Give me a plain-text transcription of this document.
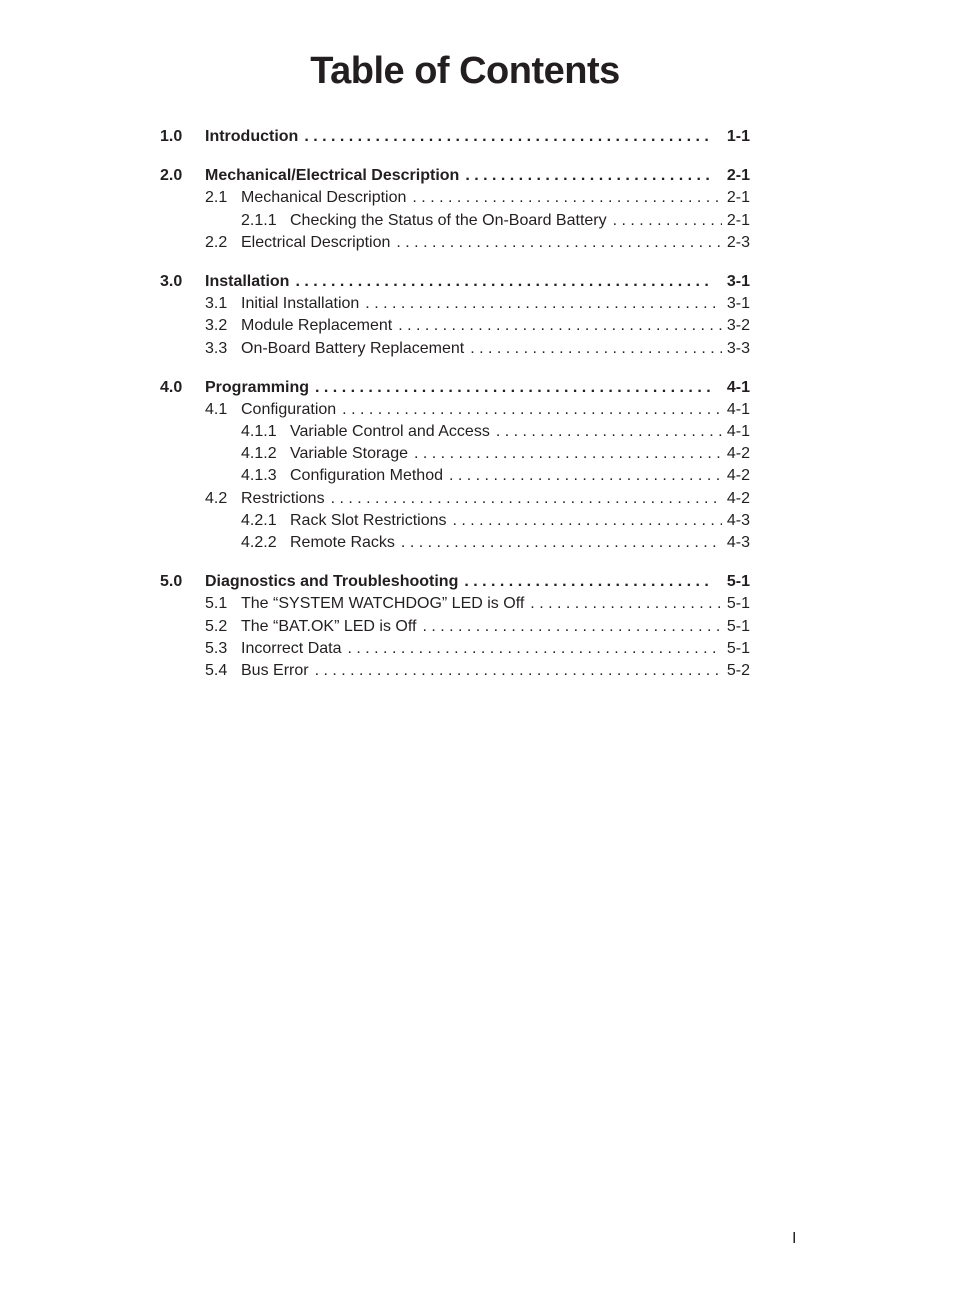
Table of Contents
1.0	Introduction . . .	1-1
2.0	Mechanical/Electrical Description . . .	2-1
2.1 Mechanical Description . . .	2-1
2.1.1 Checking the Status of the On-Board Battery . . .	2-1
2.2 Electrical Description . . .	2-3
3.0	Installation . . .	3-1
3.1 Initial Installation . . .	3-1
3.2 Module Replacement . . .	3-2
3.3 On-Board Battery Replacement . . .	3-3
4.0	Programming . . .	4-1
4.1 Configuration . . .	4-1
4.1.1 Variable Control and Access . . .	4-1
4.1.2 Variable Storage . . .	4-2
4.1.3 Configuration Method . . .	4-2
4.2 Restrictions . . .	4-2
4.2.1 Rack Slot Restrictions . . .	4-3
4.2.2 Remote Racks . . .	4-3
5.0	Diagnostics and Troubleshooting . . .	5-1
5.1 The “SYSTEM WATCHDOG” LED is Off . . .	5-1
5.2 The “BAT.OK” LED is Off . . .	5-1
5.3 Incorrect Data . . .	5-1
5.4 Bus Error . . .	5-2
I
